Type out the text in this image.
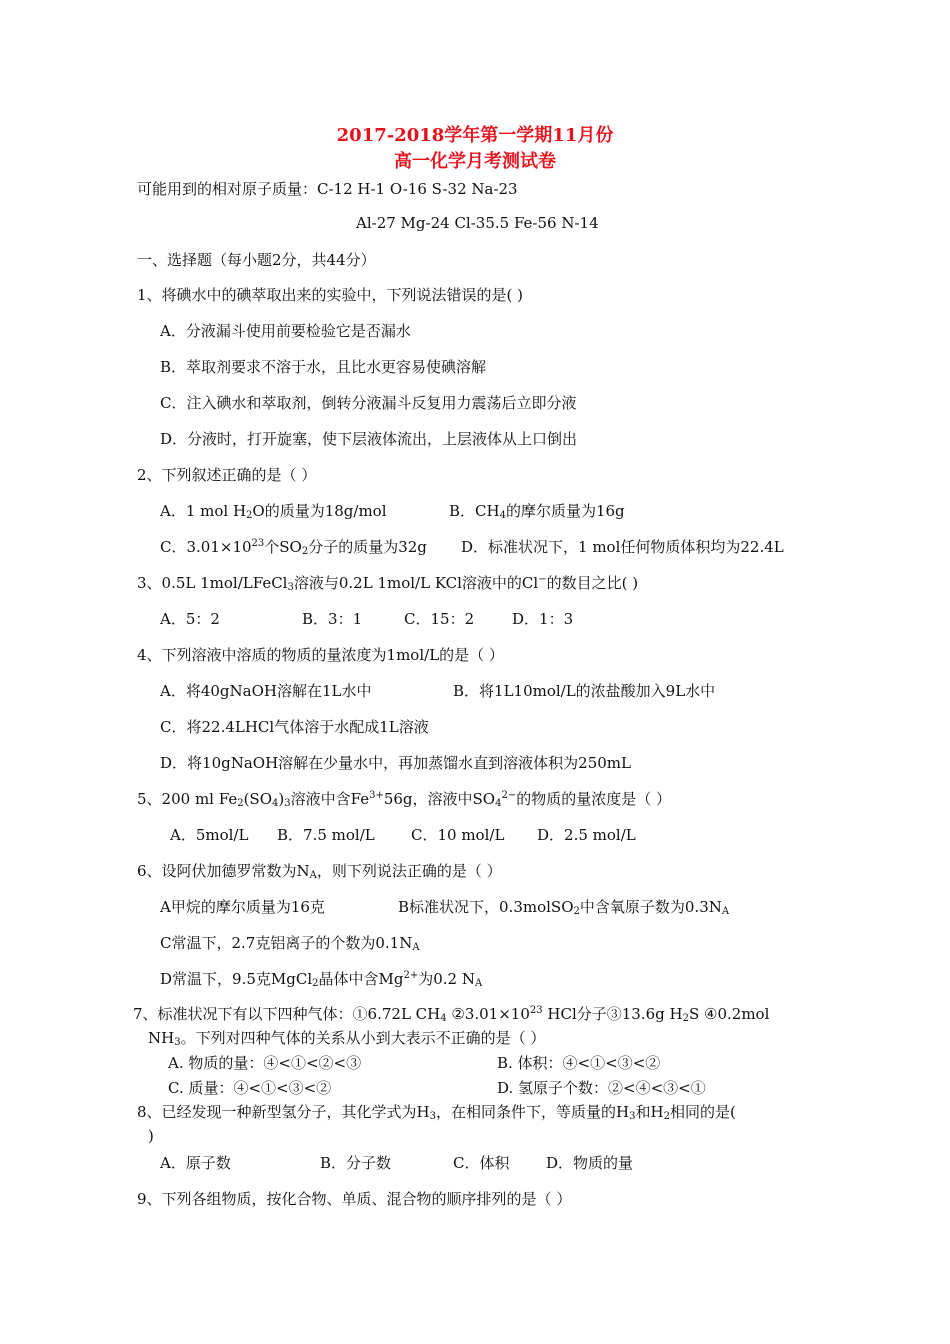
2017-2018学年第一学期11月份
高一化学月考测试卷
可能用到的相对原子质量：C-12 H-1 O-16 S-32 Na-23
Al-27 Mg-24 Cl-35.5 Fe-56 N-14
一、选择题（每小题2分，共44分）
1、将碘水中的碘萃取出来的实验中，下列说法错误的是( )
A．分液漏斗使用前要检验它是否漏水
B．萃取剂要求不溶于水，且比水更容易使碘溶解
C．注入碘水和萃取剂，倒转分液漏斗反复用力震荡后立即分液
D．分液时，打开旋塞，使下层液体流出，上层液体从上口倒出
2、下列叙述正确的是（ ）
A．1 mol $H_2O$的质量为18g/mol	B．$CH_4$的摩尔质量为16g
C．$3.01\times 10^{23}$个$SO_2$分子的质量为32g D．标准状况下，1 mol任何物质体积均为22.4L
3、0.5L 1mol/LFeCl$_3$溶液与0.2L 1mol/L KCl溶液中的Cl−的数目之比( )
A．5：2	B．3：1	C．15：2	D．1：3
4、下列溶液中溶质的物质的量浓度为1mol/L的是（ ）
A．将40gNaOH溶解在1L水中	B．将1L10mol/L的浓盐酸加入9L水中
C．将22.4LHCl气体溶于水配成1L溶液
D．将10gNaOH溶解在少量水中，再加蒸馏水直到溶液体积为250mL
5、200 ml $Fe_2(SO_4)_3$溶液中含$Fe^{3+}56g$，溶液中$SO_4^{2-}$的物质的量浓度是（ ）
A．5mol/L B．7.5 mol/L C．10 mol/L D．2.5 mol/L
6、设阿伏加德罗常数为$N_A$，则下列说法正确的是（ ）
A甲烷的摩尔质量为16克	B标准状况下，0.3molSO$_2$中含氧原子数为$0.3N_A$
C常温下，2.7克铝离子的个数为$0.1N_A$
D常温下，9.5克MgCl$_2$晶体中含$Mg^{2+}$为0.2 $N_A$
7、标准状况下有以下四种气体：①6.72L $CH_4$ $②3.01\times 10^{23}$ HCl分子③13.6g $H_2S$ ④0.2mol
$NH_3$。下列对四种气体的关系从小到大表示不正确的是（ ）
A. 物质的量：④<①<②<③	B. 体积：④<①<③<②
C. 质量：④<①<③<②	D. 氢原子个数：②<④<③<①
8、已经发现一种新型氢分子，其化学式为$H_3$，在相同条件下，等质量的$H_3$和$H_2$相同的是(
)
A．原子数	B．分子数	C．体积 D．物质的量
9、下列各组物质，按化合物、单质、混合物的顺序排列的是（ ）
